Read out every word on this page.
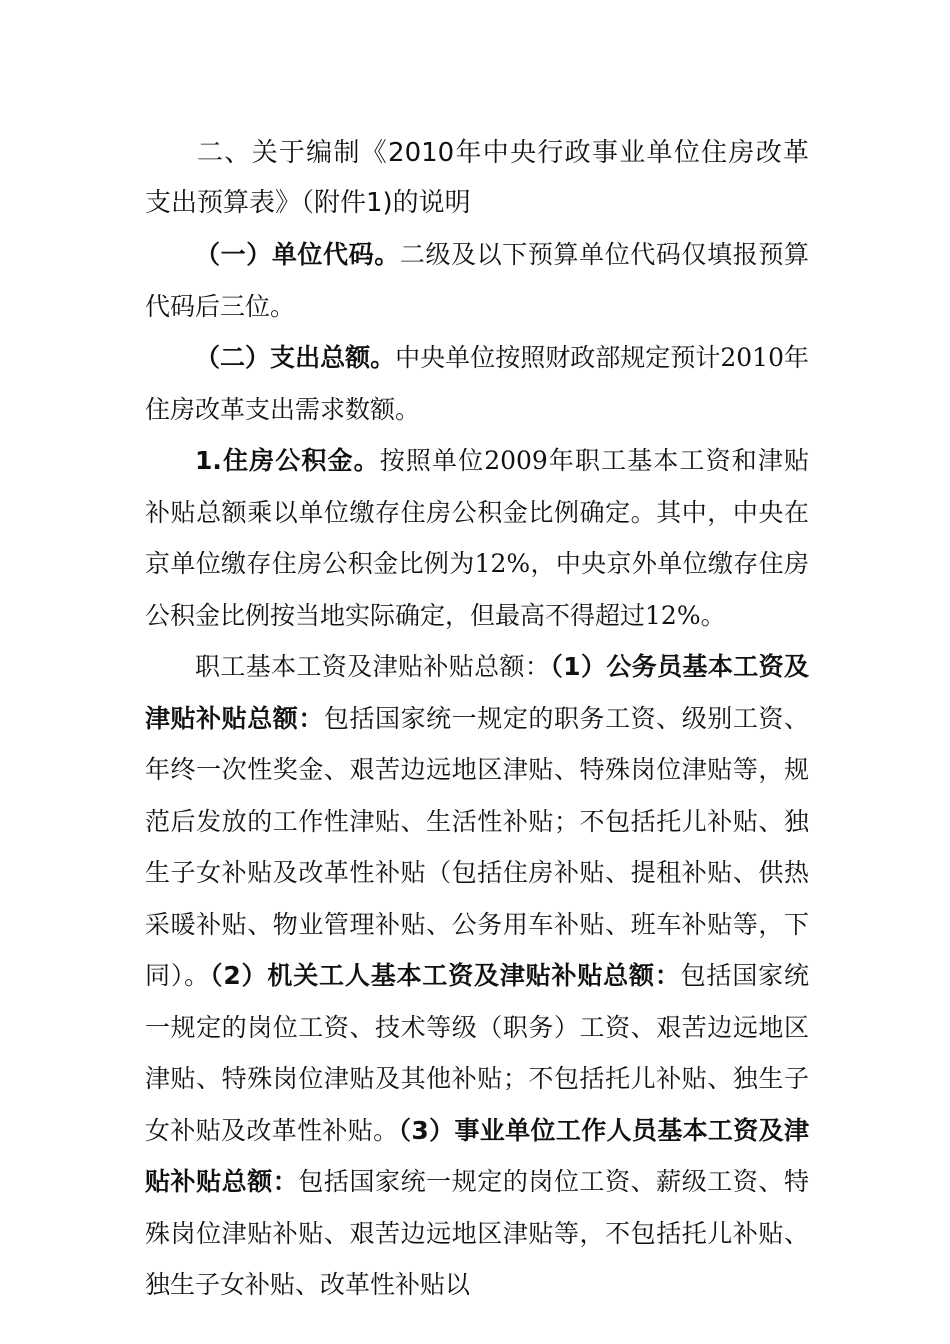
二、关于编制《2010年中央行政事业单位住房改革支出预算表》（附件1)的说明

（一）单位代码。二级及以下预算单位代码仅填报预算代码后三位。

（二）支出总额。中央单位按照财政部规定预计2010年住房改革支出需求数额。

1.住房公积金。按照单位2009年职工基本工资和津贴补贴总额乘以单位缴存住房公积金比例确定。其中，中央在京单位缴存住房公积金比例为12%，中央京外单位缴存住房公积金比例按当地实际确定，但最高不得超过12%。

职工基本工资及津贴补贴总额：（1）公务员基本工资及津贴补贴总额：包括国家统一规定的职务工资、级别工资、年终一次性奖金、艰苦边远地区津贴、特殊岗位津贴等，规范后发放的工作性津贴、生活性补贴；不包括托儿补贴、独生子女补贴及改革性补贴（包括住房补贴、提租补贴、供热采暖补贴、物业管理补贴、公务用车补贴、班车补贴等，下同）。（2）机关工人基本工资及津贴补贴总额：包括国家统一规定的岗位工资、技术等级（职务）工资、艰苦边远地区津贴、特殊岗位津贴及其他补贴；不包括托儿补贴、独生子女补贴及改革性补贴。（3）事业单位工作人员基本工资及津贴补贴总额：包括国家统一规定的岗位工资、薪级工资、特殊岗位津贴补贴、艰苦边远地区津贴等，不包括托儿补贴、独生子女补贴、改革性补贴以
